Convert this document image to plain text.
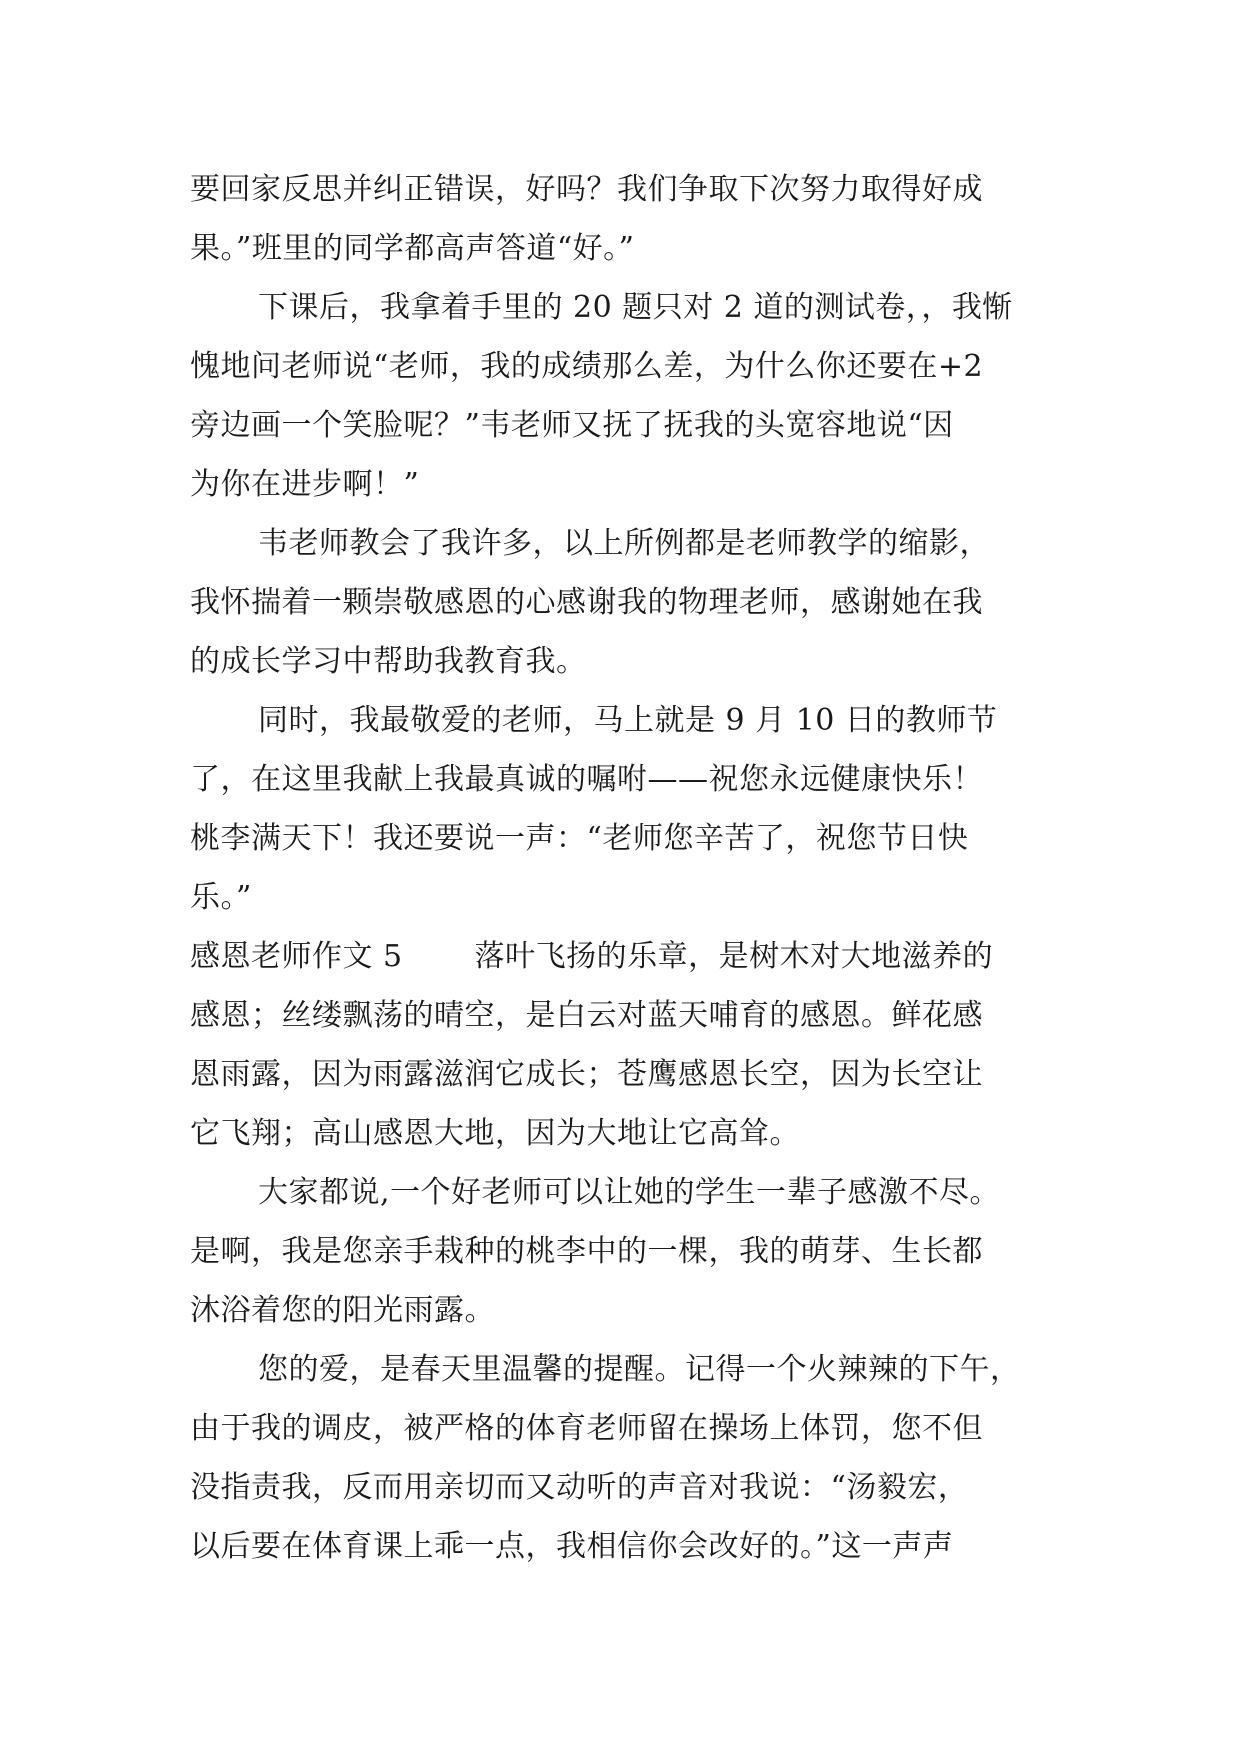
要回家反思并纠正错误，好吗？我们争取下次努力取得好成
果。”班里的同学都高声答道“好。”

下课后，我拿着手里的 20 题只对 2 道的测试卷，，我惭
愧地问老师说“老师，我的成绩那么差，为什么你还要在+2
旁边画一个笑脸呢？”韦老师又抚了抚我的头宽容地说“因
为你在进步啊！”

韦老师教会了我许多，以上所例都是老师教学的缩影，
我怀揣着一颗崇敬感恩的心感谢我的物理老师，感谢她在我
的成长学习中帮助我教育我。

同时，我最敬爱的老师，马上就是 9 月 10 日的教师节
了，在这里我献上我最真诚的嘱咐——祝您永远健康快乐！
桃李满天下！我还要说一声：“老师您辛苦了，祝您节日快
乐。”

感恩老师作文 5 落叶飞扬的乐章，是树木对大地滋养的
感恩；丝缕飘荡的晴空，是白云对蓝天哺育的感恩。鲜花感
恩雨露，因为雨露滋润它成长；苍鹰感恩长空，因为长空让
它飞翔；高山感恩大地，因为大地让它高耸。

大家都说,一个好老师可以让她的学生一辈子感激不尽。
是啊，我是您亲手栽种的桃李中的一棵，我的萌芽、生长都
沐浴着您的阳光雨露。

您的爱，是春天里温馨的提醒。记得一个火辣辣的下午，
由于我的调皮，被严格的体育老师留在操场上体罚，您不但
没指责我，反而用亲切而又动听的声音对我说：“汤毅宏，
以后要在体育课上乖一点，我相信你会改好的。”这一声声
